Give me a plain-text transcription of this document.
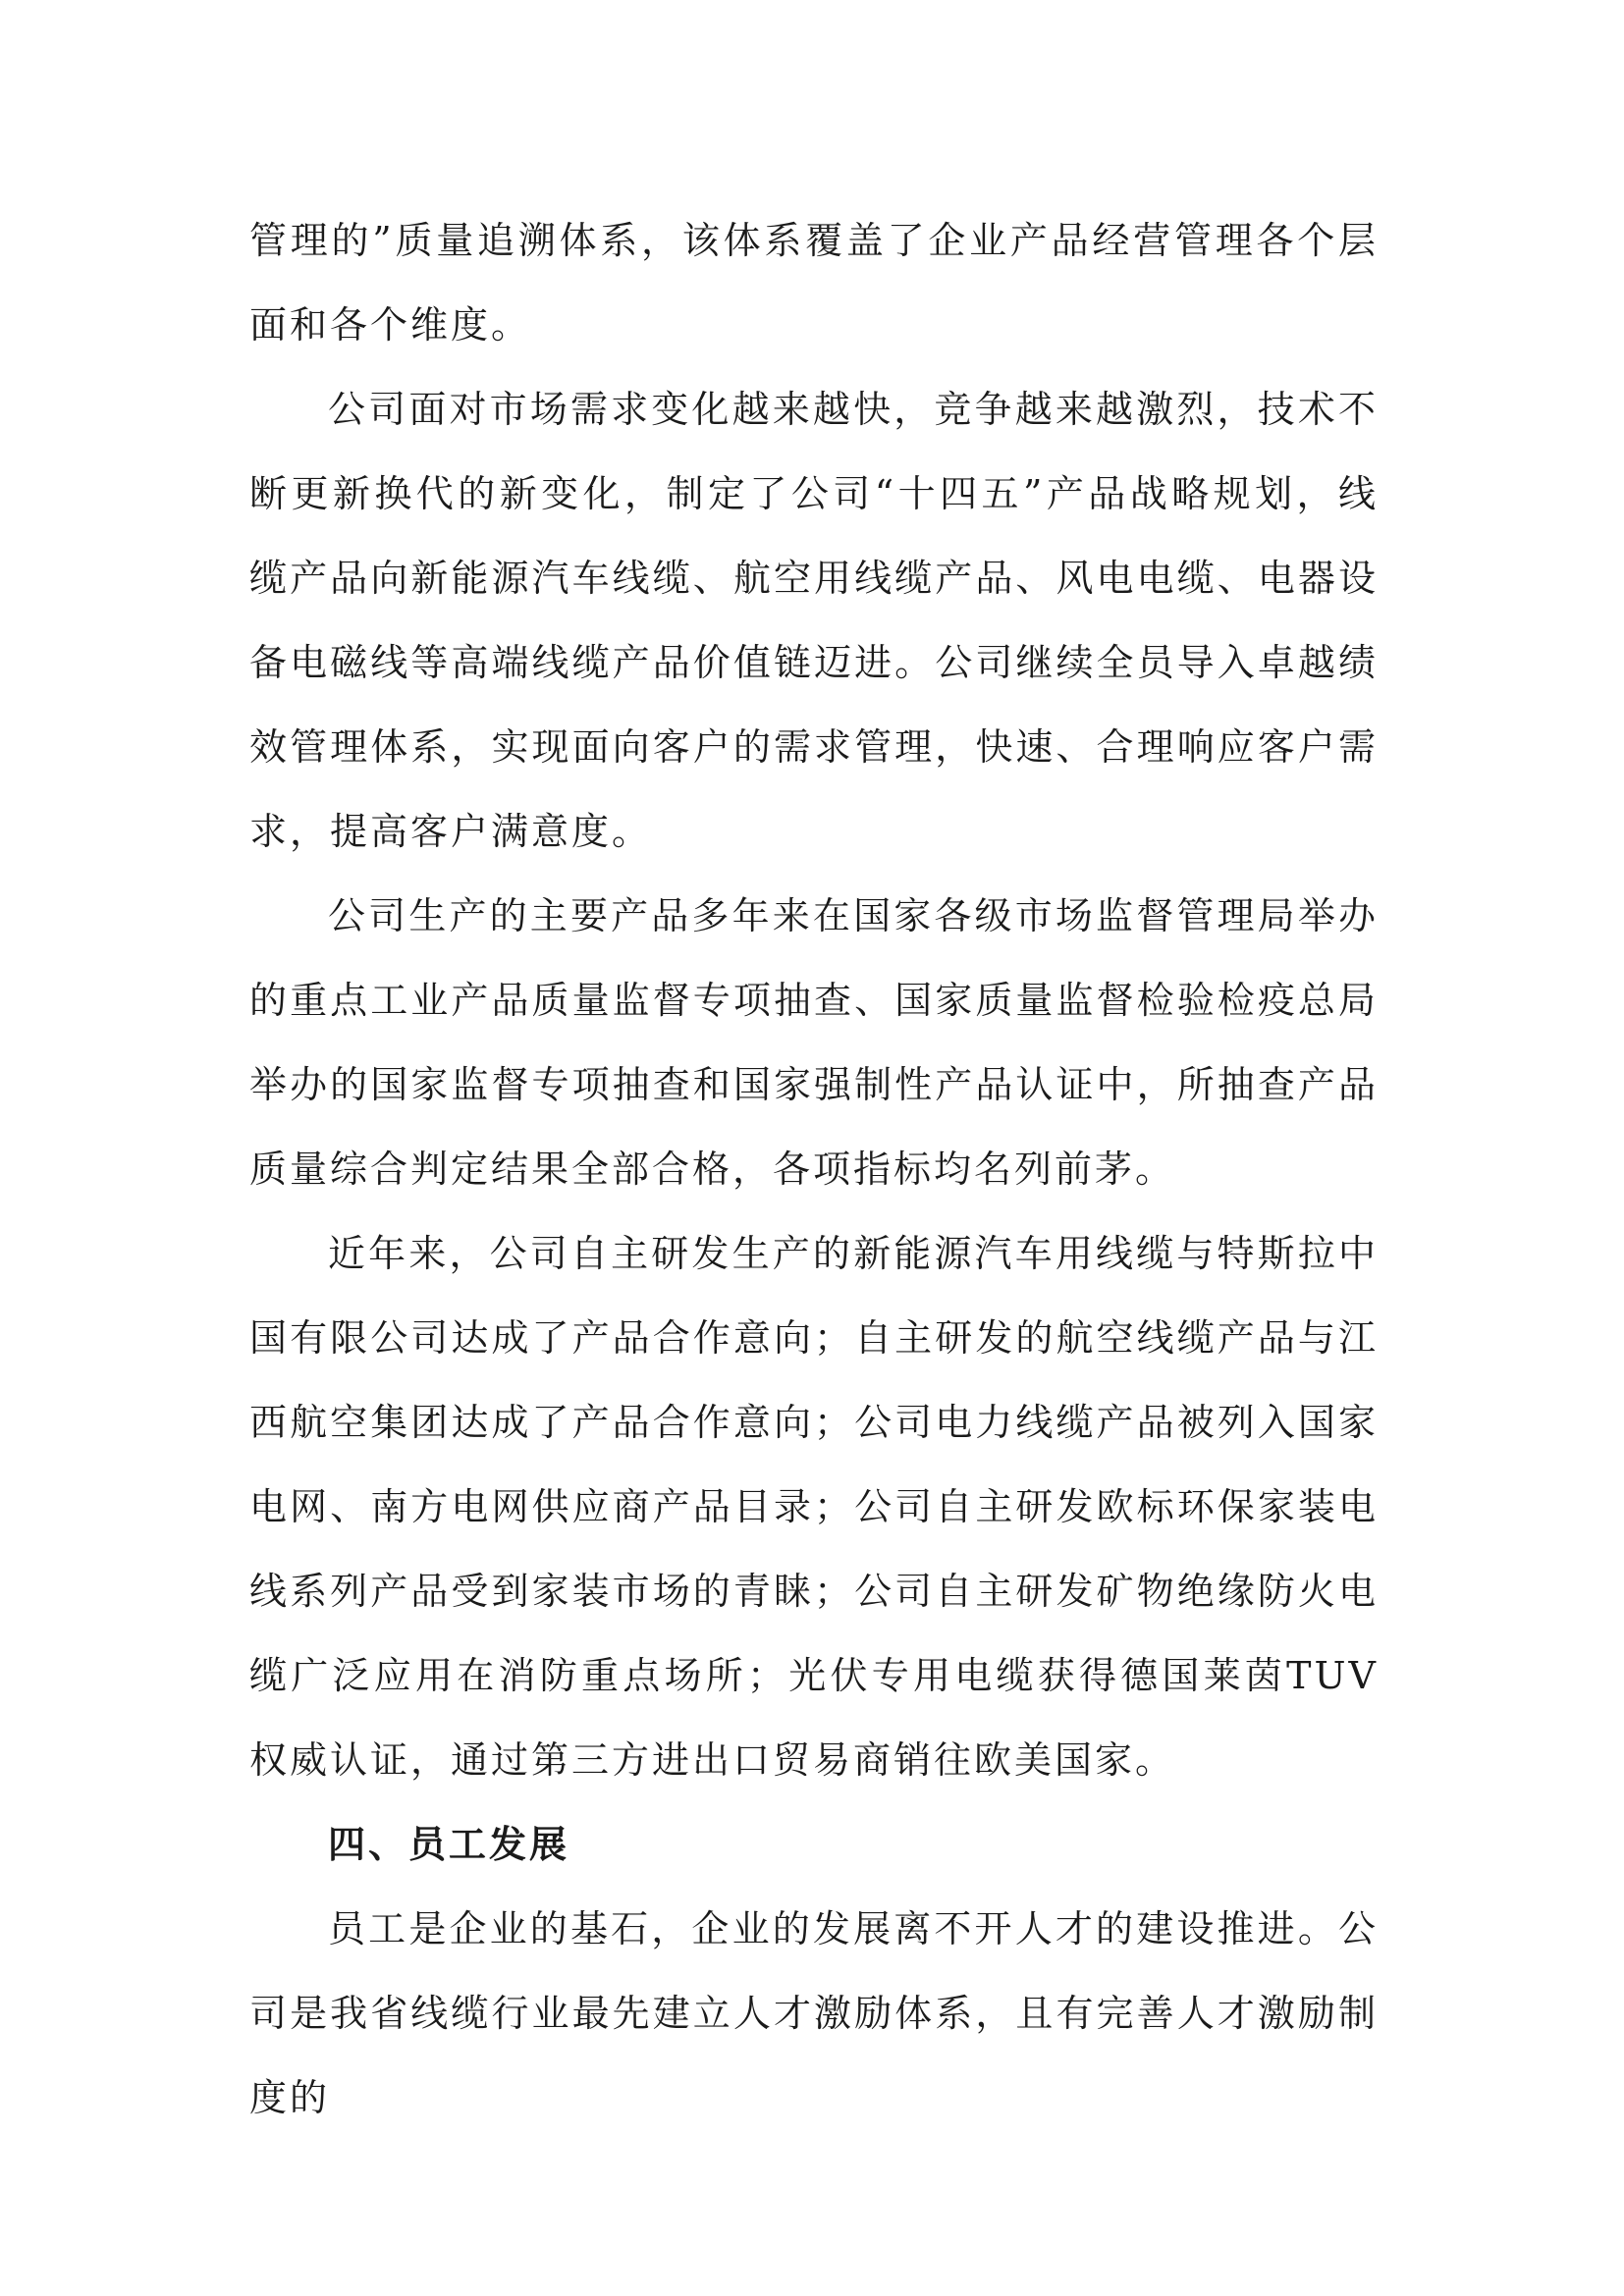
管理的”质量追溯体系，该体系覆盖了企业产品经营管理各个层面和各个维度。

公司面对市场需求变化越来越快，竞争越来越激烈，技术不断更新换代的新变化，制定了公司“十四五”产品战略规划，线缆产品向新能源汽车线缆、航空用线缆产品、风电电缆、电器设备电磁线等高端线缆产品价值链迈进。公司继续全员导入卓越绩效管理体系，实现面向客户的需求管理，快速、合理响应客户需求，提高客户满意度。

公司生产的主要产品多年来在国家各级市场监督管理局举办的重点工业产品质量监督专项抽查、国家质量监督检验检疫总局举办的国家监督专项抽查和国家强制性产品认证中，所抽查产品质量综合判定结果全部合格，各项指标均名列前茅。

近年来，公司自主研发生产的新能源汽车用线缆与特斯拉中国有限公司达成了产品合作意向；自主研发的航空线缆产品与江西航空集团达成了产品合作意向；公司电力线缆产品被列入国家电网、南方电网供应商产品目录；公司自主研发欧标环保家装电线系列产品受到家装市场的青睐；公司自主研发矿物绝缘防火电缆广泛应用在消防重点场所；光伏专用电缆获得德国莱茵TUV权威认证，通过第三方进出口贸易商销往欧美国家。

四、员工发展

员工是企业的基石，企业的发展离不开人才的建设推进。公司是我省线缆行业最先建立人才激励体系，且有完善人才激励制度的
